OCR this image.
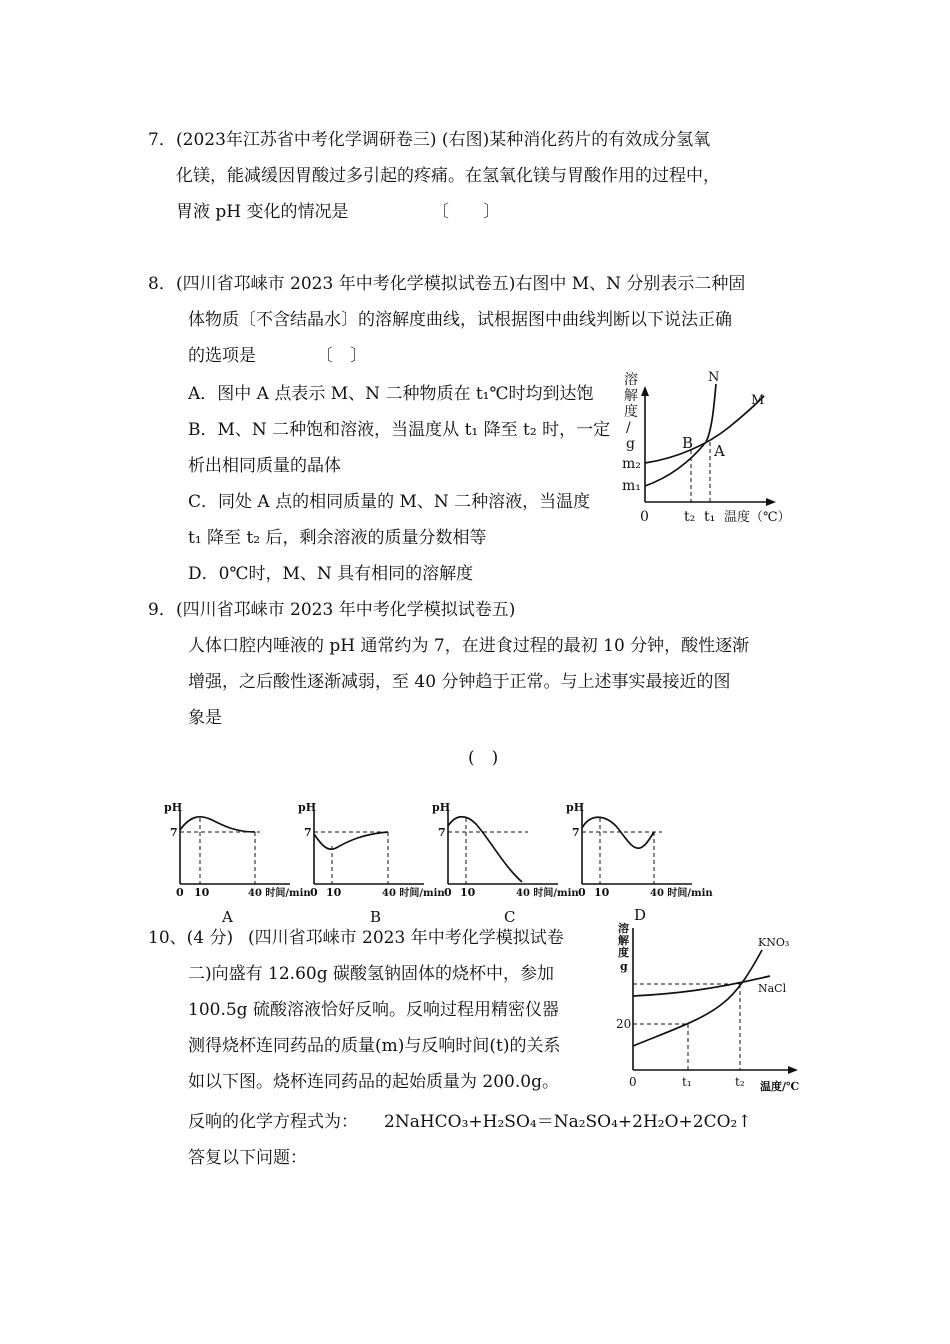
7． (2023年江苏省中考化学调研卷三) (右图)某种消化药片的有效成分氢氧
化镁，能减缓因胃酸过多引起的疼痛。在氢氧化镁与胃酸作用的过程中，
胃液 pH 变化的情况是	〔　　〕
8． (四川省邛崃市 2023 年中考化学模拟试卷五)右图中 M、N 分别表示二种固
体物质〔不含结晶水〕的溶解度曲线，试根据图中曲线判断以下说法正确
的选项是	〔　〕
A．图中 A 点表示 M、N 二种物质在 t₁℃时均到达饱
B．M、N 二种饱和溶液，当温度从 t₁ 降至 t₂ 时，一定
析出相同质量的晶体
C．同处 A 点的相同质量的 M、N 二种溶液，当温度
t₁ 降至 t₂ 后，剩余溶液的质量分数相等
D．0℃时，M、N 具有相同的溶解度
溶
解
度
/
g
m₂
m₁
0	t₂ t₁ 温度（℃）
N
M
B A
9． (四川省邛崃市 2023 年中考化学模拟试卷五)
人体口腔内唾液的 pH 通常约为 7，在进食过程的最初 10 分钟，酸性逐渐
增强，之后酸性逐渐减弱，至 40 分钟趋于正常。与上述事实最接近的图
象是
(　)
pH
7
0 10	40 时间/min
A
pH
7
0 10	40 时间/min
B
pH
7
0 10	40 时间/min
C
pH
7
0 10	40 时间/min
D
10、(4 分) (四川省邛崃市 2023 年中考化学模拟试卷
二)向盛有 12.60g 碳酸氢钠固体的烧杯中，参加
100.5g 硫酸溶液恰好反响。反响过程用精密仪器
测得烧杯连同药品的质量(m)与反响时间(t)的关系
如以下图。烧杯连同药品的起始质量为 200.0g。
反响的化学方程式为： 2NaHCO₃+H₂SO₄＝Na₂SO₄+2H₂O+2CO₂↑
答复以下问题：
溶
解
度
g
20
0	t₁	t₂ 温度/℃
KNO₃
NaCl
